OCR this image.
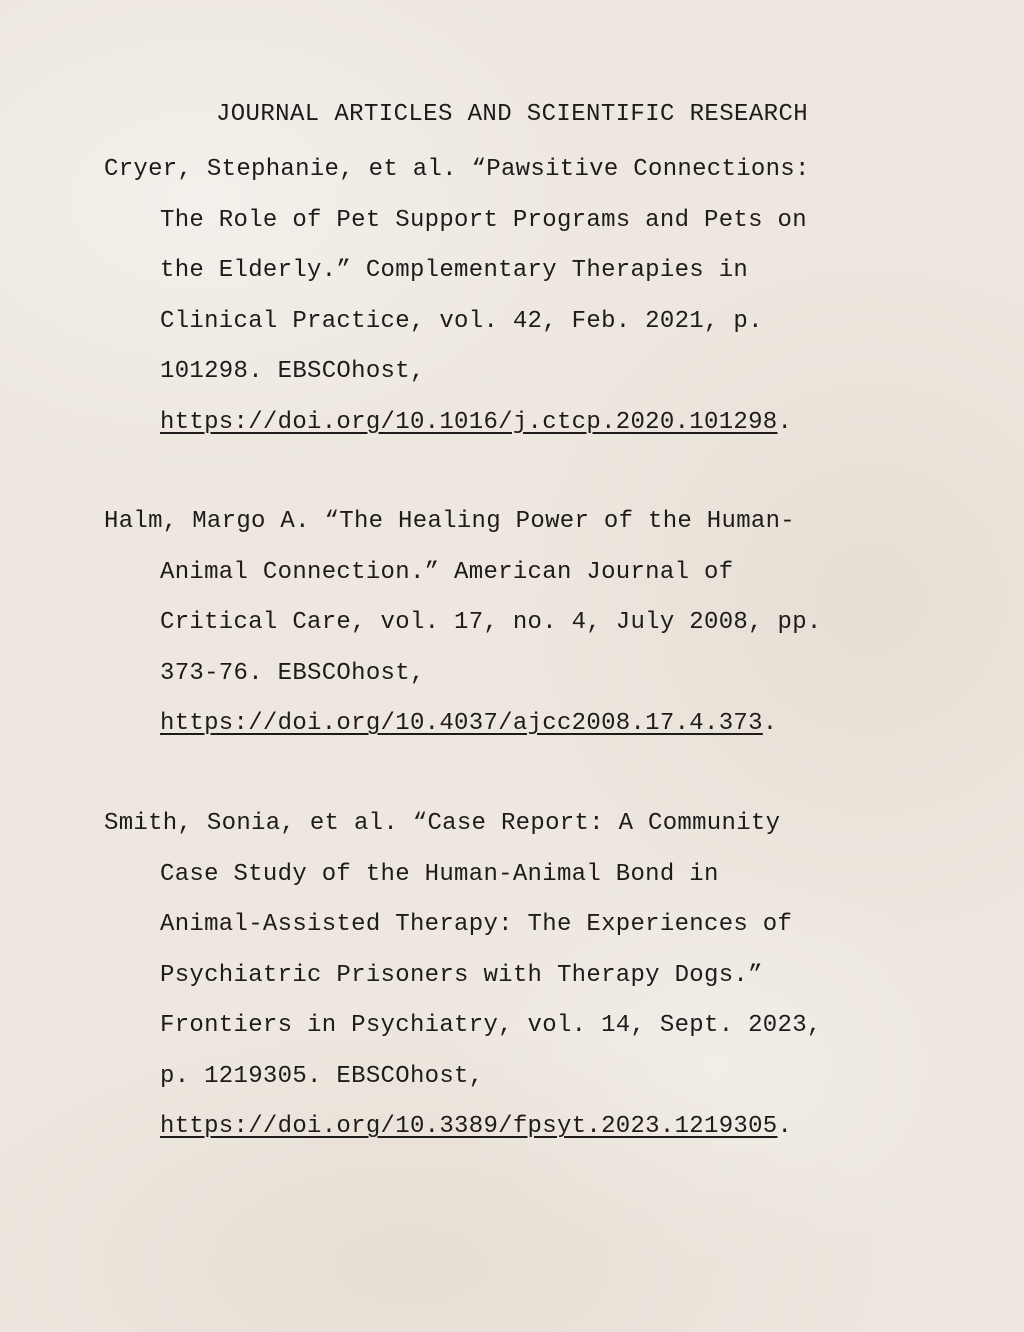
JOURNAL ARTICLES AND SCIENTIFIC RESEARCH
Cryer, Stephanie, et al. “Pawsitive Connections:
The Role of Pet Support Programs and Pets on
the Elderly.” Complementary Therapies in
Clinical Practice, vol. 42, Feb. 2021, p.
101298. EBSCOhost,
https://doi.org/10.1016/j.ctcp.2020.101298.
Halm, Margo A. “The Healing Power of the Human-
Animal Connection.” American Journal of
Critical Care, vol. 17, no. 4, July 2008, pp.
373-76. EBSCOhost,
https://doi.org/10.4037/ajcc2008.17.4.373.
Smith, Sonia, et al. “Case Report: A Community
Case Study of the Human-Animal Bond in
Animal-Assisted Therapy: The Experiences of
Psychiatric Prisoners with Therapy Dogs.”
Frontiers in Psychiatry, vol. 14, Sept. 2023,
p. 1219305. EBSCOhost,
https://doi.org/10.3389/fpsyt.2023.1219305.
